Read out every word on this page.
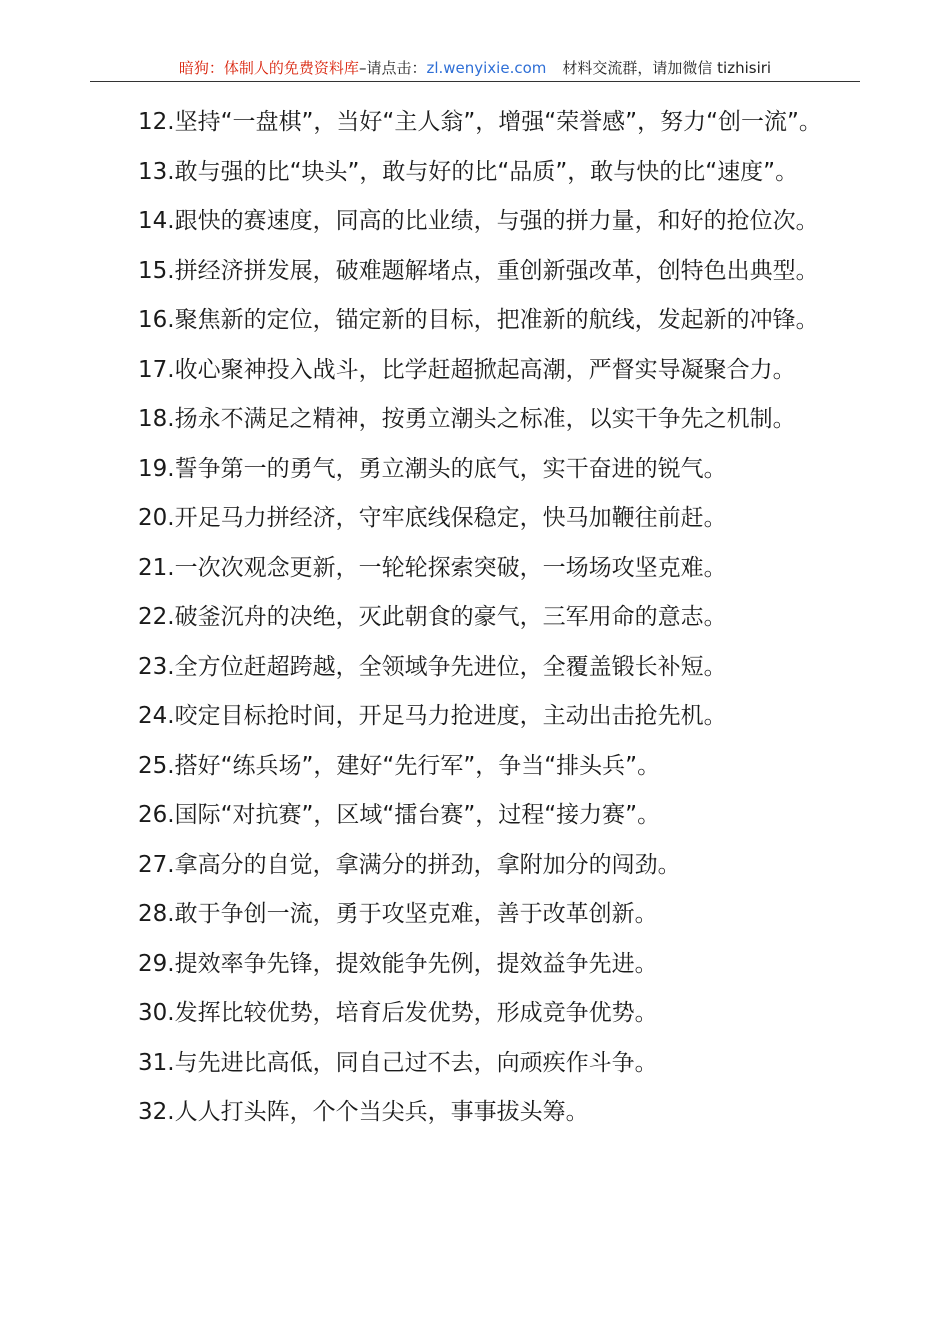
暗狗：体制人的免费资料库–请点击：zl.wenyixie.com 材料交流群，请加微信 tizhisiri

12.坚持“一盘棋”，当好“主人翁”，增强“荣誉感”，努力“创一流”。

13.敢与强的比“块头”，敢与好的比“品质”，敢与快的比“速度”。

14.跟快的赛速度，同高的比业绩，与强的拼力量，和好的抢位次。

15.拼经济拼发展，破难题解堵点，重创新强改革，创特色出典型。

16.聚焦新的定位，锚定新的目标，把准新的航线，发起新的冲锋。

17.收心聚神投入战斗，比学赶超掀起高潮，严督实导凝聚合力。

18.扬永不满足之精神，按勇立潮头之标准，以实干争先之机制。

19.誓争第一的勇气，勇立潮头的底气，实干奋进的锐气。

20.开足马力拼经济，守牢底线保稳定，快马加鞭往前赶。

21.一次次观念更新，一轮轮探索突破，一场场攻坚克难。

22.破釜沉舟的决绝，灭此朝食的豪气，三军用命的意志。

23.全方位赶超跨越，全领域争先进位，全覆盖锻长补短。

24.咬定目标抢时间，开足马力抢进度，主动出击抢先机。

25.搭好“练兵场”，建好“先行军”，争当“排头兵”。

26.国际“对抗赛”，区域“擂台赛”，过程“接力赛”。

27.拿高分的自觉，拿满分的拼劲，拿附加分的闯劲。

28.敢于争创一流，勇于攻坚克难，善于改革创新。

29.提效率争先锋，提效能争先例，提效益争先进。

30.发挥比较优势，培育后发优势，形成竞争优势。

31.与先进比高低，同自己过不去，向顽疾作斗争。

32.人人打头阵，个个当尖兵，事事拔头筹。
